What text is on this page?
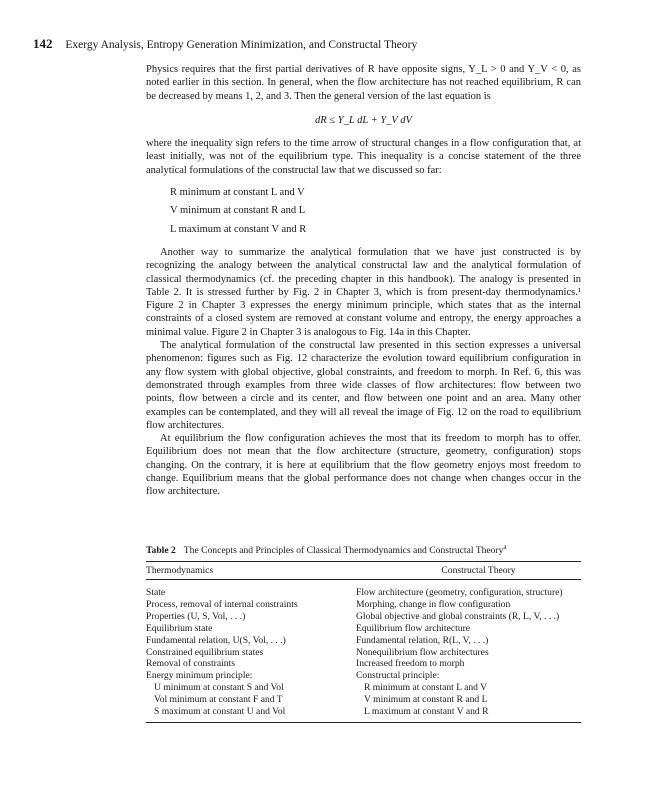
142 Exergy Analysis, Entropy Generation Minimization, and Constructal Theory

Physics requires that the first partial derivatives of R have opposite signs, Y_L > 0 and Y_V < 0, as noted earlier in this section. In general, when the flow architecture has not reached equilibrium, R can be decreased by means 1, 2, and 3. Then the general version of the last equation is

dR ≤ Y_L dL + Y_V dV

where the inequality sign refers to the time arrow of structural changes in a flow configuration that, at least initially, was not of the equilibrium type. This inequality is a concise statement of the three analytical formulations of the constructal law that we discussed so far:

R minimum at constant L and V
V minimum at constant R and L
L maximum at constant V and R

Another way to summarize the analytical formulation that we have just constructed is by recognizing the analogy between the analytical constructal law and the analytical formulation of classical thermodynamics (cf. the preceding chapter in this handbook). The analogy is presented in Table 2. It is stressed further by Fig. 2 in Chapter 3, which is from present-day thermodynamics.¹ Figure 2 in Chapter 3 expresses the energy minimum principle, which states that as the internal constraints of a closed system are removed at constant volume and entropy, the energy approaches a minimal value. Figure 2 in Chapter 3 is analogous to Fig. 14a in this Chapter.

The analytical formulation of the constructal law presented in this section expresses a universal phenomenon: figures such as Fig. 12 characterize the evolution toward equilibrium configuration in any flow system with global objective, global constraints, and freedom to morph. In Ref. 6, this was demonstrated through examples from three wide classes of flow architectures: flow between two points, flow between a circle and its center, and flow between one point and an area. Many other examples can be contemplated, and they will all reveal the image of Fig. 12 on the road to equilibrium flow architectures.

At equilibrium the flow configuration achieves the most that its freedom to morph has to offer. Equilibrium does not mean that the flow architecture (structure, geometry, configuration) stops changing. On the contrary, it is here at equilibrium that the flow geometry enjoys most freedom to change. Equilibrium means that the global performance does not change when changes occur in the flow architecture.

Table 2 The Concepts and Principles of Classical Thermodynamics and Constructal Theory$^a$
Thermodynamics	Constructal Theory
State
Process, removal of internal constraints
Properties (U, S, Vol, . . .)
Equilibrium state
Fundamental relation, U(S, Vol, . . .)
Constrained equilibrium states
Removal of constraints
Energy minimum principle:
U minimum at constant S and Vol
Vol minimum at constant F and T
S maximum at constant U and Vol
Flow architecture (geometry, configuration, structure)
Morphing, change in flow configuration
Global objective and global constraints (R, L, V, . . .)
Equilibrium flow architecture
Fundamental relation, R(L, V, . . .)
Nonequilibrium flow architectures
Increased freedom to morph
Constructal principle:
R minimum at constant L and V
V minimum at constant R and L
L maximum at constant V and R
